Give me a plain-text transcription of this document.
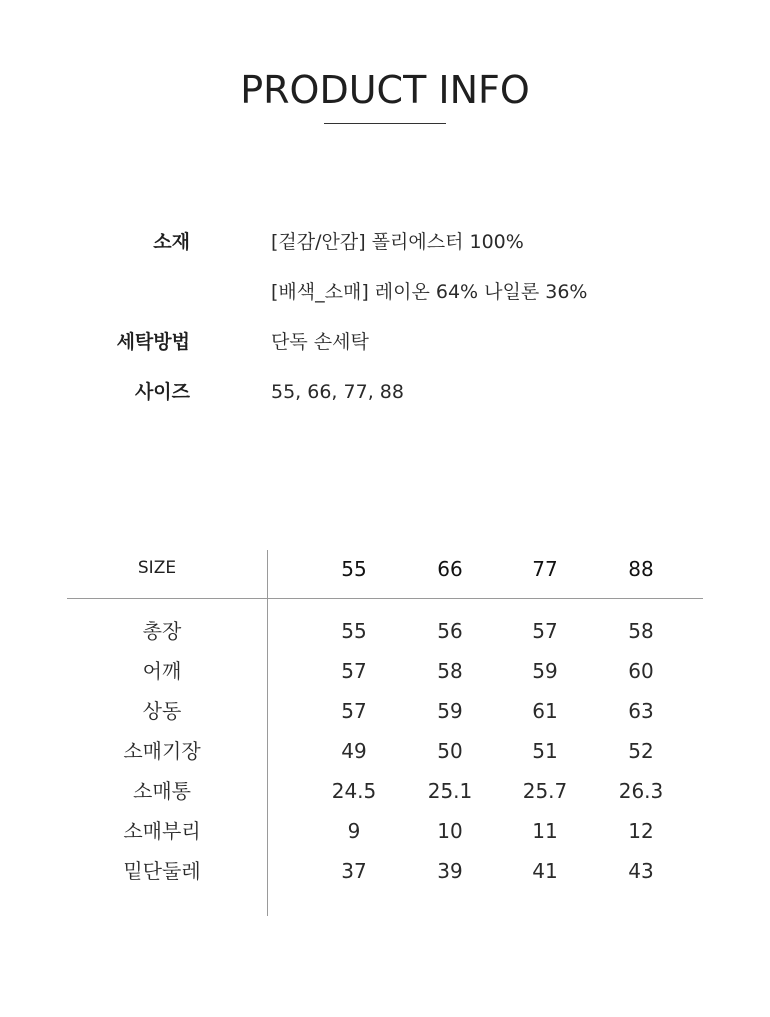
PRODUCT INFO
소재	[겉감/안감] 폴리에스터 100%
[배색_소매] 레이온 64% 나일론 36%
세탁방법	단독 손세탁
사이즈	55, 66, 77, 88
SIZE	55	66	77	88
총장	55	56	57	58
어깨	57	58	59	60
상동	57	59	61	63
소매기장	49	50	51	52
소매통	24.5	25.1	25.7	26.3
소매부리	9	10	11	12
밑단둘레	37	39	41	43
